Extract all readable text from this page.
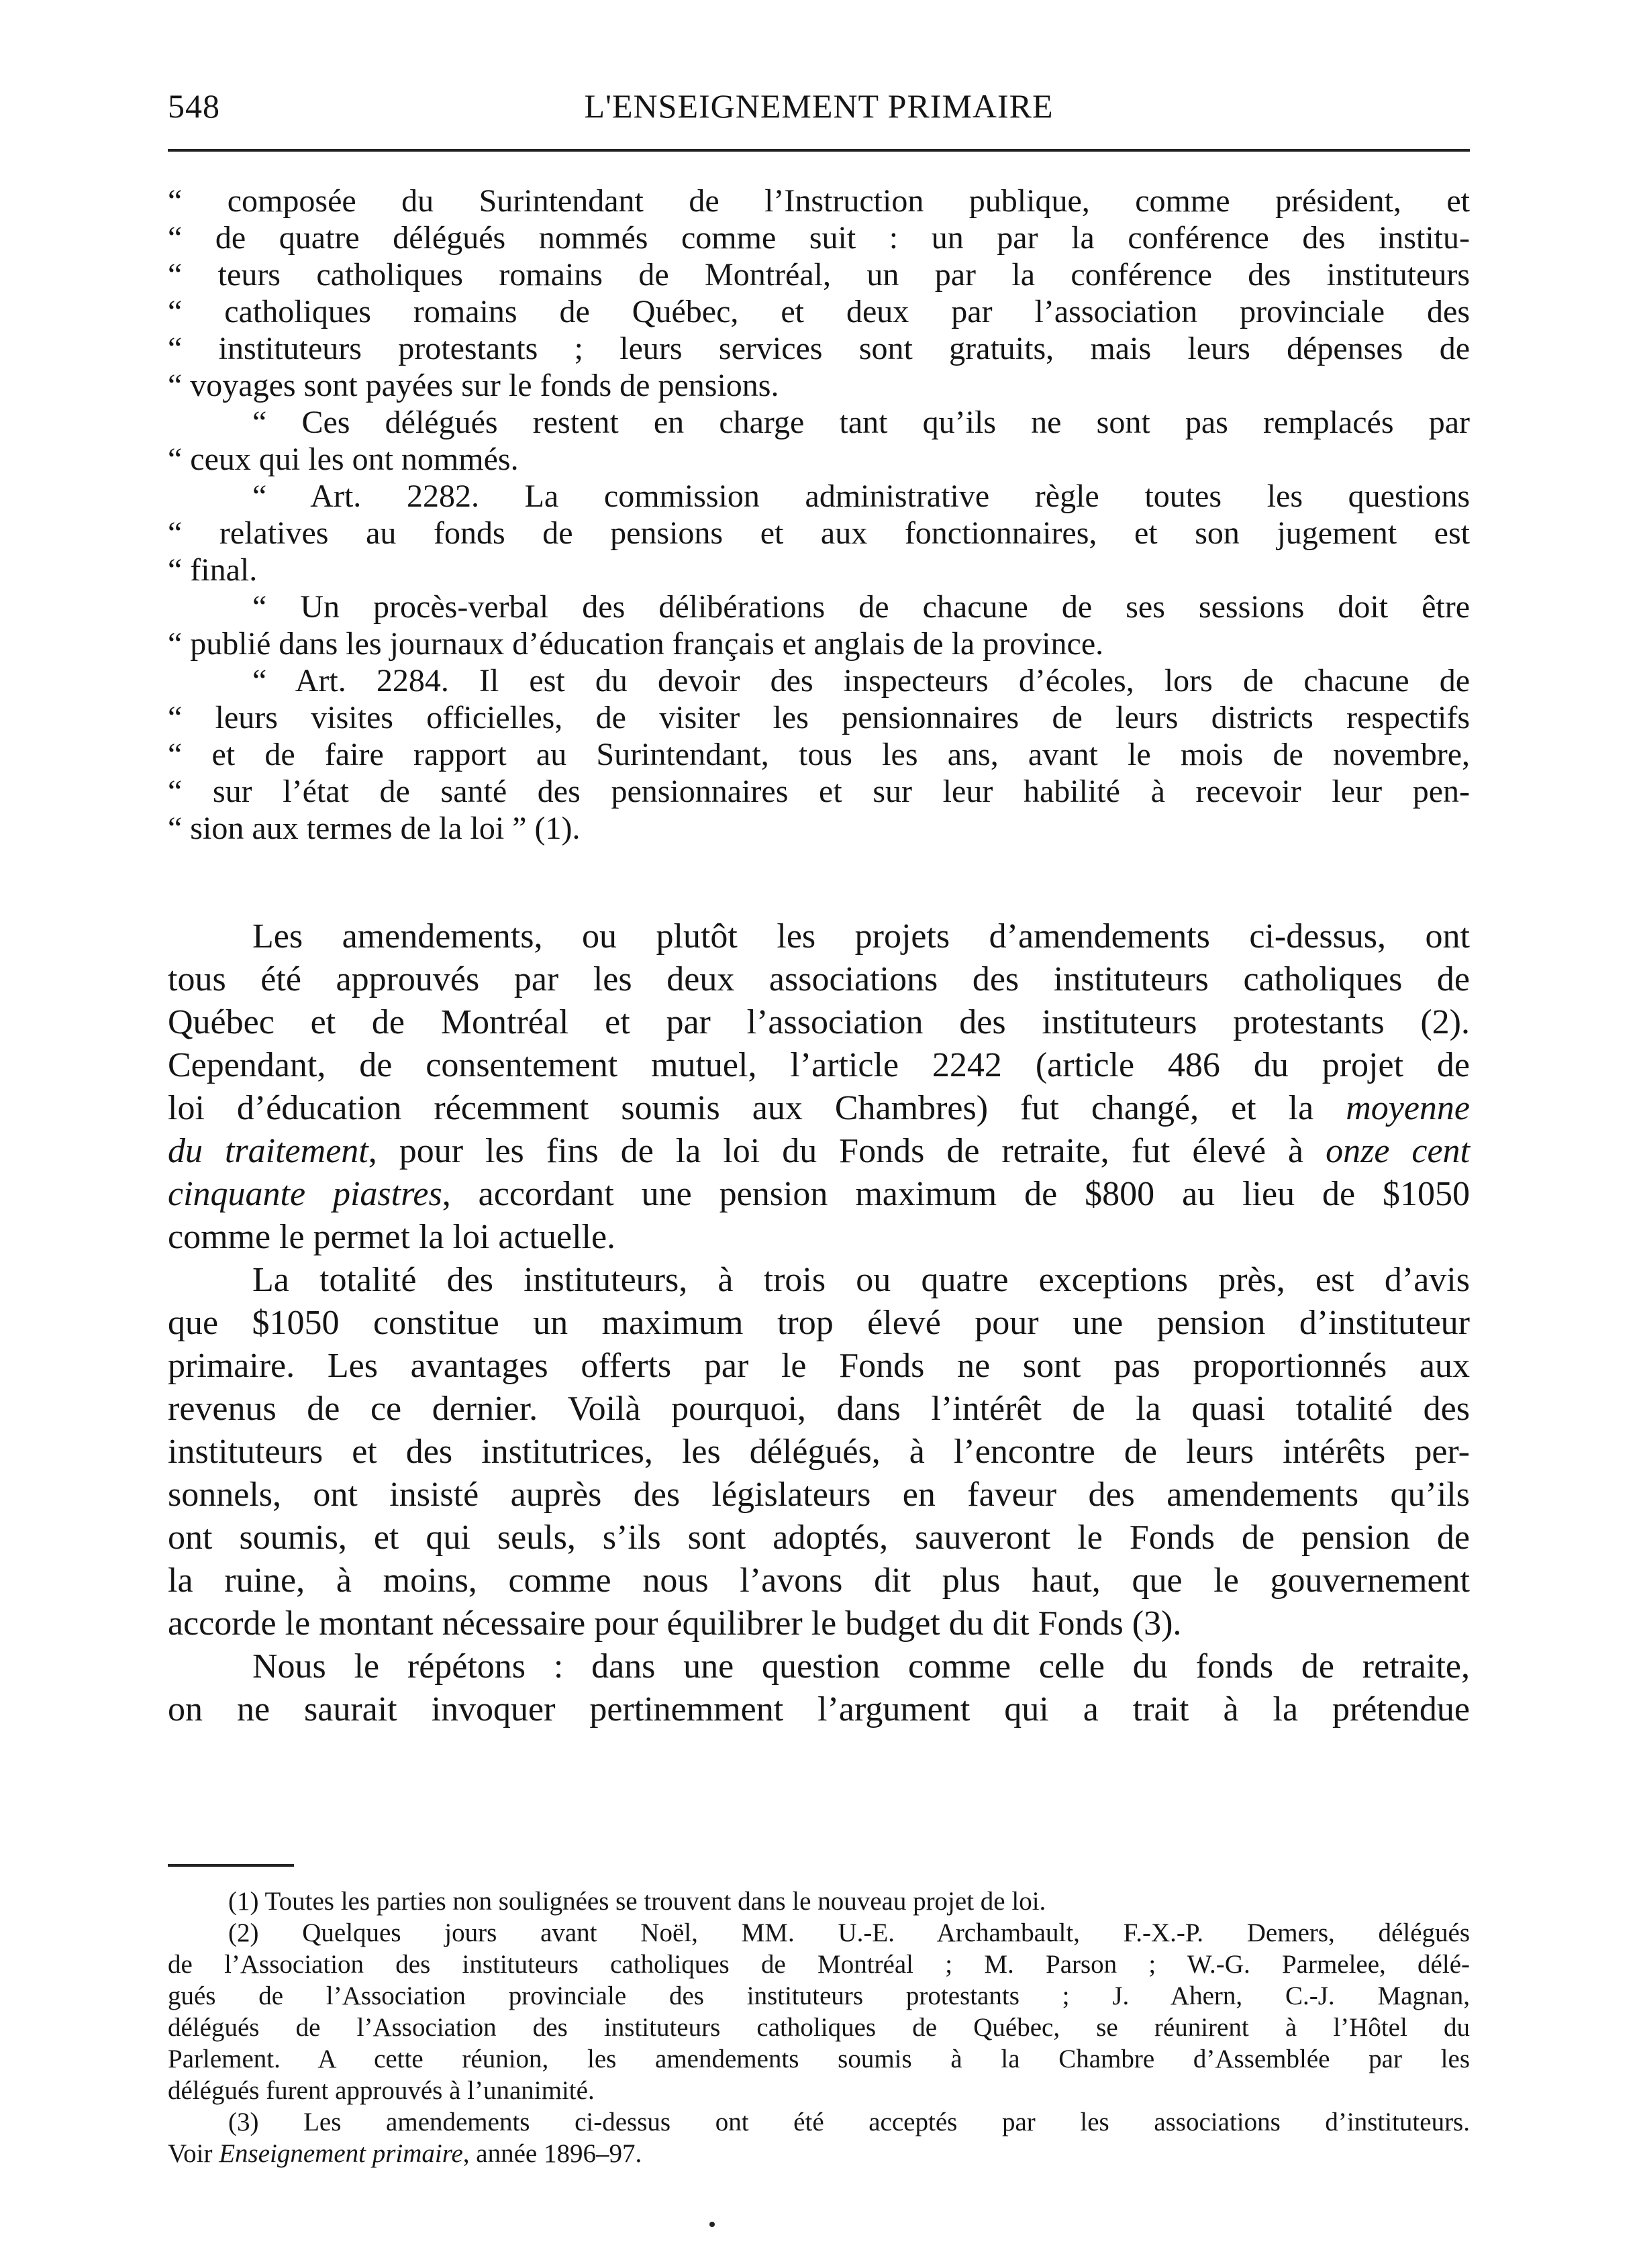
548	L'ENSEIGNEMENT PRIMAIRE
“ composée du Surintendant de l’Instruction publique, comme président, et
“ de quatre délégués nommés comme suit : un par la conférence des institu-
“ teurs catholiques romains de Montréal, un par la conférence des instituteurs
“ catholiques romains de Québec, et deux par l’association provinciale des
“ instituteurs protestants ; leurs services sont gratuits, mais leurs dépenses de
“ voyages sont payées sur le fonds de pensions.
“ Ces délégués restent en charge tant qu’ils ne sont pas remplacés par
“ ceux qui les ont nommés.
“ Art. 2282. La commission administrative règle toutes les questions
“ relatives au fonds de pensions et aux fonctionnaires, et son jugement est
“ final.
“ Un procès-verbal des délibérations de chacune de ses sessions doit être
“ publié dans les journaux d’éducation français et anglais de la province.
“ Art. 2284. Il est du devoir des inspecteurs d’écoles, lors de chacune de
“ leurs visites officielles, de visiter les pensionnaires de leurs districts respectifs
“ et de faire rapport au Surintendant, tous les ans, avant le mois de novembre,
“ sur l’état de santé des pensionnaires et sur leur habilité à recevoir leur pen-
“ sion aux termes de la loi ” (1).
Les amendements, ou plutôt les projets d’amendements ci-dessus, ont
tous été approuvés par les deux associations des instituteurs catholiques de
Québec et de Montréal et par l’association des instituteurs protestants (2).
Cependant, de consentement mutuel, l’article 2242 (article 486 du projet de
loi d’éducation récemment soumis aux Chambres) fut changé, et la moyenne
du traitement, pour les fins de la loi du Fonds de retraite, fut élevé à onze cent
cinquante piastres, accordant une pension maximum de $800 au lieu de $1050
comme le permet la loi actuelle.
La totalité des instituteurs, à trois ou quatre exceptions près, est d’avis
que $1050 constitue un maximum trop élevé pour une pension d’instituteur
primaire. Les avantages offerts par le Fonds ne sont pas proportionnés aux
revenus de ce dernier. Voilà pourquoi, dans l’intérêt de la quasi totalité des
instituteurs et des institutrices, les délégués, à l’encontre de leurs intérêts per-
sonnels, ont insisté auprès des législateurs en faveur des amendements qu’ils
ont soumis, et qui seuls, s’ils sont adoptés, sauveront le Fonds de pension de
la ruine, à moins, comme nous l’avons dit plus haut, que le gouvernement
accorde le montant nécessaire pour équilibrer le budget du dit Fonds (3).
Nous le répétons : dans une question comme celle du fonds de retraite,
on ne saurait invoquer pertinemment l’argument qui a trait à la prétendue
(1) Toutes les parties non soulignées se trouvent dans le nouveau projet de loi.
(2) Quelques jours avant Noël, MM. U.-E. Archambault, F.-X.-P. Demers, délégués
de l’Association des instituteurs catholiques de Montréal ; M. Parson ; W.-G. Parmelee, délé-
gués de l’Association provinciale des instituteurs protestants ; J. Ahern, C.-J. Magnan,
délégués de l’Association des instituteurs catholiques de Québec, se réunirent à l’Hôtel du
Parlement. A cette réunion, les amendements soumis à la Chambre d’Assemblée par les
délégués furent approuvés à l’unanimité.
(3) Les amendements ci-dessus ont été acceptés par les associations d’instituteurs.
Voir Enseignement primaire, année 1896–97.
